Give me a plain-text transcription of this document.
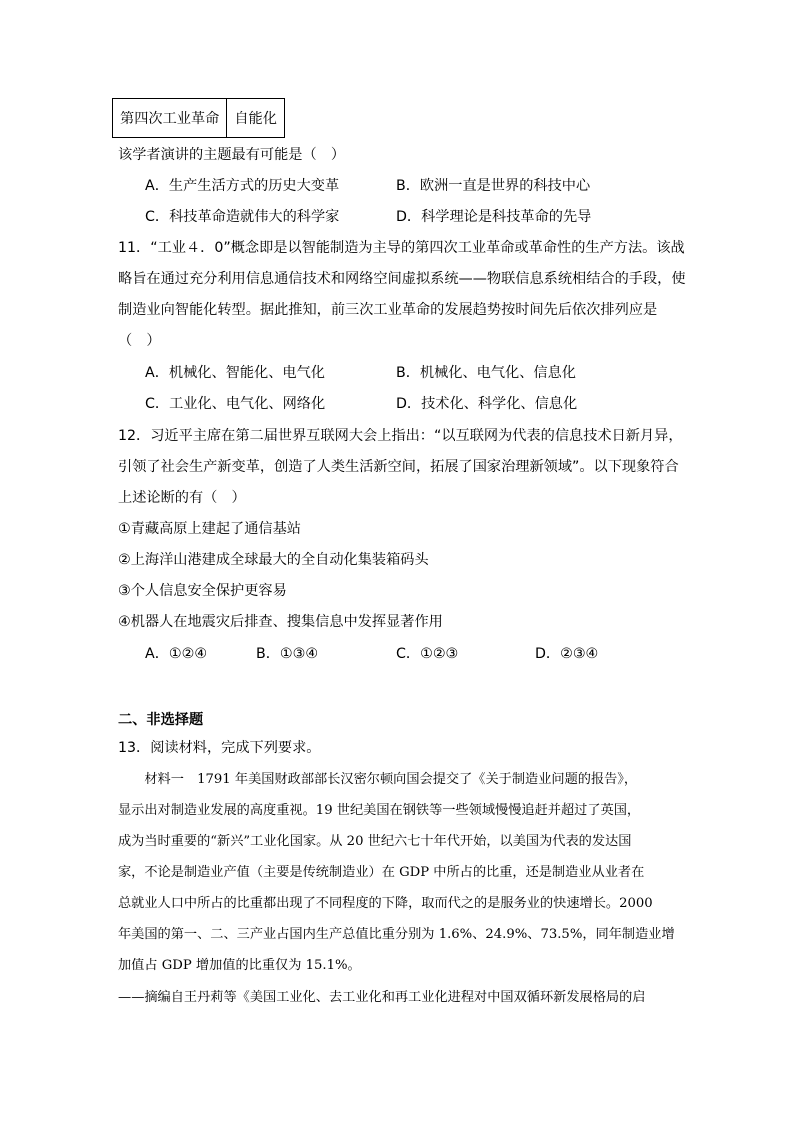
第四次工业革命	自能化
该学者演讲的主题最有可能是（　）
A．生产生活方式的历史大变革	B．欧洲一直是世界的科技中心
C．科技革命造就伟大的科学家	D．科学理论是科技革命的先导
11．“工业４．0”概念即是以智能制造为主导的第四次工业革命或革命性的生产方法。该战
略旨在通过充分利用信息通信技术和网络空间虚拟系统——物联信息系统相结合的手段，使
制造业向智能化转型。据此推知，前三次工业革命的发展趋势按时间先后依次排列应是
（　）
A．机械化、智能化、电气化	B．机械化、电气化、信息化
C．工业化、电气化、网络化	D．技术化、科学化、信息化
12．习近平主席在第二届世界互联网大会上指出：“以互联网为代表的信息技术日新月异，
引领了社会生产新变革，创造了人类生活新空间，拓展了国家治理新领域”。以下现象符合
上述论断的有（　）
①青藏高原上建起了通信基站
②上海洋山港建成全球最大的全自动化集装箱码头
③个人信息安全保护更容易
④机器人在地震灾后排查、搜集信息中发挥显著作用
A．①②④	B．①③④	C．①②③	D．②③④
二、非选择题
13．阅读材料，完成下列要求。
　　材料一　1791 年美国财政部部长汉密尔顿向国会提交了《关于制造业问题的报告》，
显示出对制造业发展的高度重视。19 世纪美国在钢铁等一些领域慢慢追赶并超过了英国，
成为当时重要的“新兴”工业化国家。从 20 世纪六七十年代开始，以美国为代表的发达国
家，不论是制造业产值（主要是传统制造业）在 GDP 中所占的比重，还是制造业从业者在
总就业人口中所占的比重都出现了不同程度的下降，取而代之的是服务业的快速增长。2000
年美国的第一、二、三产业占国内生产总值比重分别为 1.6%、24.9%、73.5%，同年制造业增
加值占 GDP 增加值的比重仅为 15.1%。
——摘编自王丹莉等《美国工业化、去工业化和再工业化进程对中国双循环新发展格局的启
